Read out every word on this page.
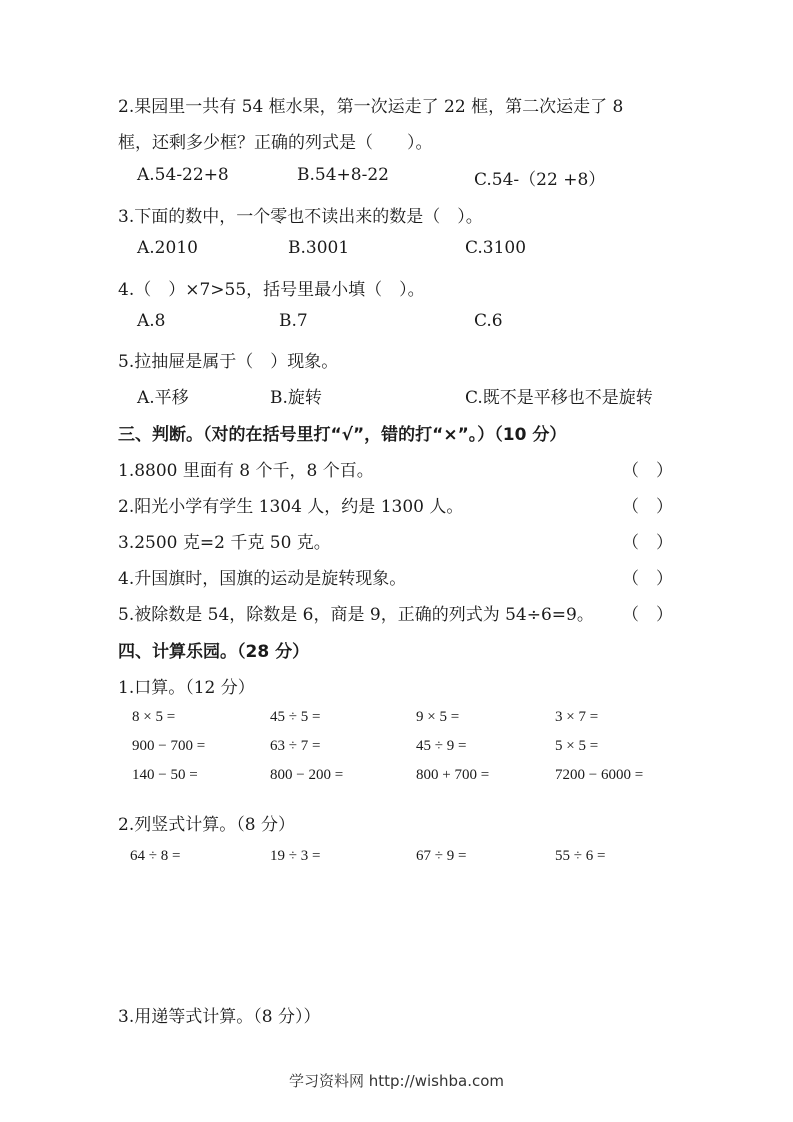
2.果园里一共有 54 框水果，第一次运走了 22 框，第二次运走了 8
框，还剩多少框？正确的列式是（　　）。
A.54-22+8	B.54+8-22	C.54-（22 +8）
3.下面的数中，一个零也不读出来的数是（　）。
A.2010	B.3001	C.3100
4.（　）×7>55，括号里最小填（　）。
A.8	B.7	C.6
5.拉抽屉是属于（　）现象。
A.平移	B.旋转	C.既不是平移也不是旋转
三、判断。（对的在括号里打“√”，错的打“×”。）（10 分）
1.8800 里面有 8 个千，8 个百。	（　）
2.阳光小学有学生 1304 人，约是 1300 人。	（　）
3.2500 克=2 千克 50 克。	（　）
4.升国旗时，国旗的运动是旋转现象。	（　）
5.被除数是 54，除数是 6，商是 9，正确的列式为 54÷6=9。 （　）
四、计算乐园。（28 分）
1.口算。（12 分）
8 × 5 =	45 ÷ 5 =	9 × 5 =	3 × 7 =
900 − 700 =	63 ÷ 7 =	45 ÷ 9 =	5 × 5 =
140 − 50 =	800 − 200 =	800 + 700 =	7200 − 6000 =
2.列竖式计算。（8 分）
64 ÷ 8 =	19 ÷ 3 =	67 ÷ 9 =	55 ÷ 6 =
3.用递等式计算。（8 分））
学习资料网 http://wishba.com
